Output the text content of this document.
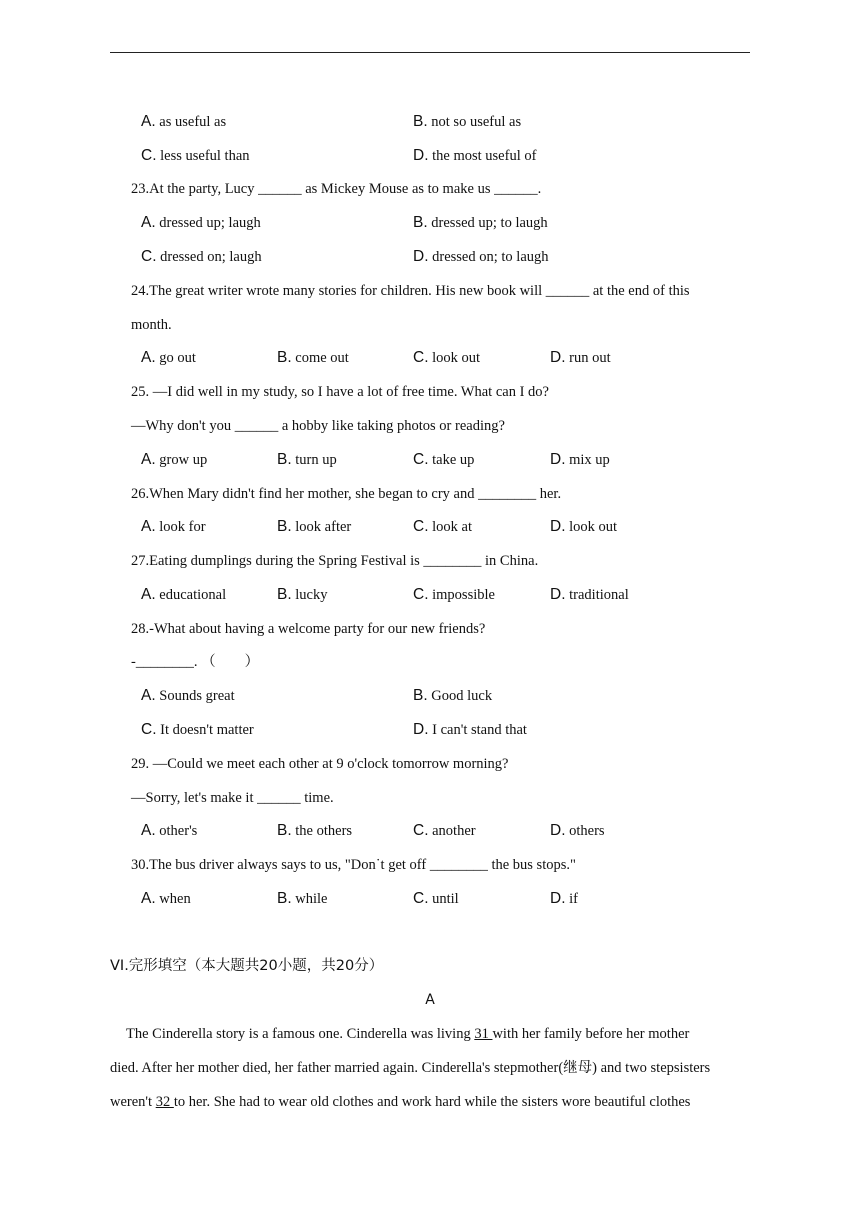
A. as useful as	B. not so useful as
C. less useful than	D. the most useful of
23.At the party, Lucy ______ as Mickey Mouse as to make us ______.
A. dressed up; laugh	B. dressed up; to laugh
C. dressed on; laugh	D. dressed on; to laugh
24.The great writer wrote many stories for children. His new book will ______ at the end of this
month.
A. go out	B. come out	C. look out	D. run out
25. —I did well in my study, so I have a lot of free time. What can I do?
—Why don't you ______ a hobby like taking photos or reading?
A. grow up	B. turn up	C. take up	D. mix up
26.When Mary didn't find her mother, she began to cry and ________ her.
A. look for	B. look after	C. look at	D. look out
27.Eating dumplings during the Spring Festival is ________ in China.
A. educational	B. lucky	C. impossible	D. traditional
28.-What about having a welcome party for our new friends?
-________. （　　）
A. Sounds great	B. Good luck
C. It doesn't matter	D. I can't stand that
29. —Could we meet each other at 9 o'clock tomorrow morning?
—Sorry, let's make it ______ time.
A. other's	B. the others	C. another	D. others
30.The bus driver always says to us, "Don˙t get off ________ the bus stops."
A. when	B. while	C. until	D. if
VI.完形填空（本大题共20小题，共20分）
A
The Cinderella story is a famous one. Cinderella was living 31 with her family before her mother
died. After her mother died, her father married again. Cinderella's stepmother(继母) and two stepsisters
weren't 32 to her. She had to wear old clothes and work hard while the sisters wore beautiful clothes
